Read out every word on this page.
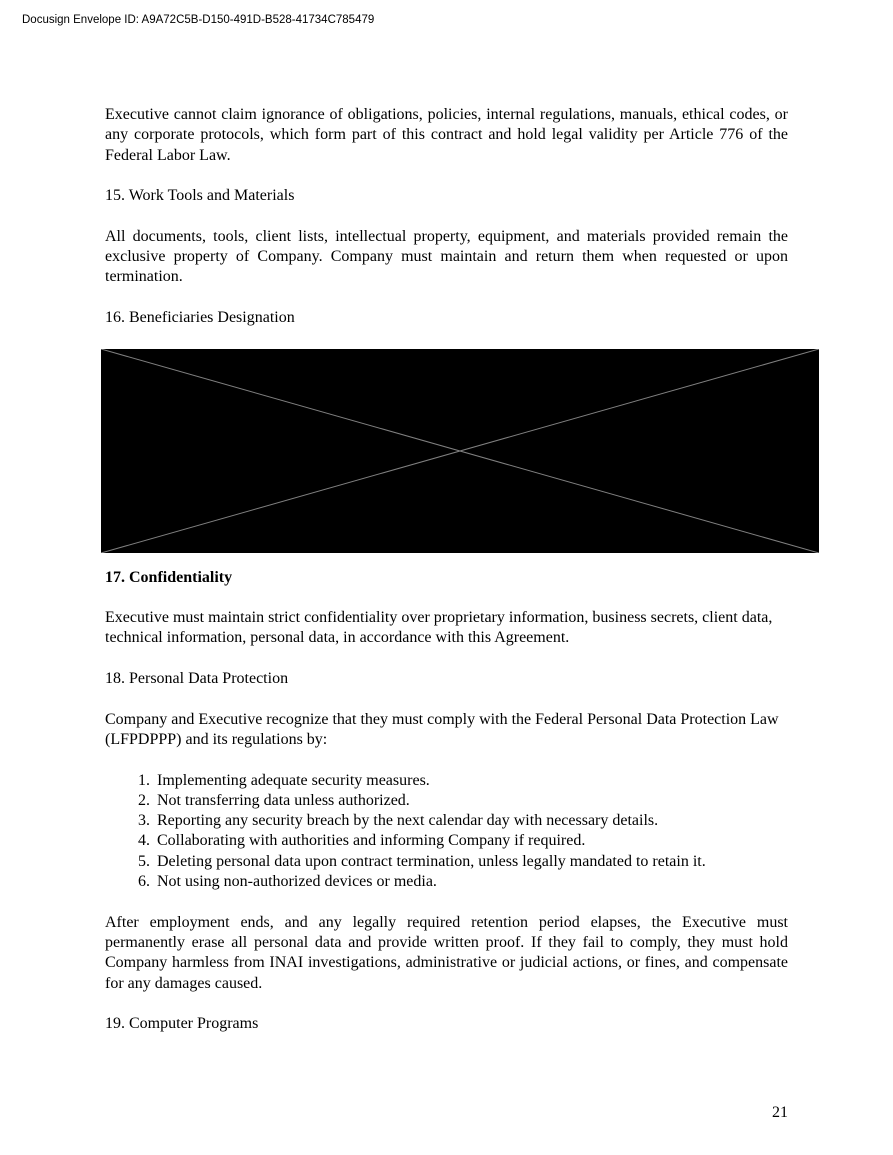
Docusign Envelope ID: A9A72C5B-D150-491D-B528-41734C785479

Executive cannot claim ignorance of obligations, policies, internal regulations, manuals, ethical codes, or any corporate protocols, which form part of this contract and hold legal validity per Article 776 of the Federal Labor Law.

15. Work Tools and Materials

All documents, tools, client lists, intellectual property, equipment, and materials provided remain the exclusive property of Company. Company must maintain and return them when requested or upon termination.

16. Beneficiaries Designation
17. Confidentiality

Executive must maintain strict confidentiality over proprietary information, business secrets, client data, technical information, personal data, in accordance with this Agreement.

18. Personal Data Protection

Company and Executive recognize that they must comply with the Federal Personal Data Protection Law (LFPDPPP) and its regulations by:

1. Implementing adequate security measures.
2. Not transferring data unless authorized.
3. Reporting any security breach by the next calendar day with necessary details.
4. Collaborating with authorities and informing Company if required.
5. Deleting personal data upon contract termination, unless legally mandated to retain it.
6. Not using non-authorized devices or media.

After employment ends, and any legally required retention period elapses, the Executive must permanently erase all personal data and provide written proof. If they fail to comply, they must hold Company harmless from INAI investigations, administrative or judicial actions, or fines, and compensate for any damages caused.

19. Computer Programs
21
